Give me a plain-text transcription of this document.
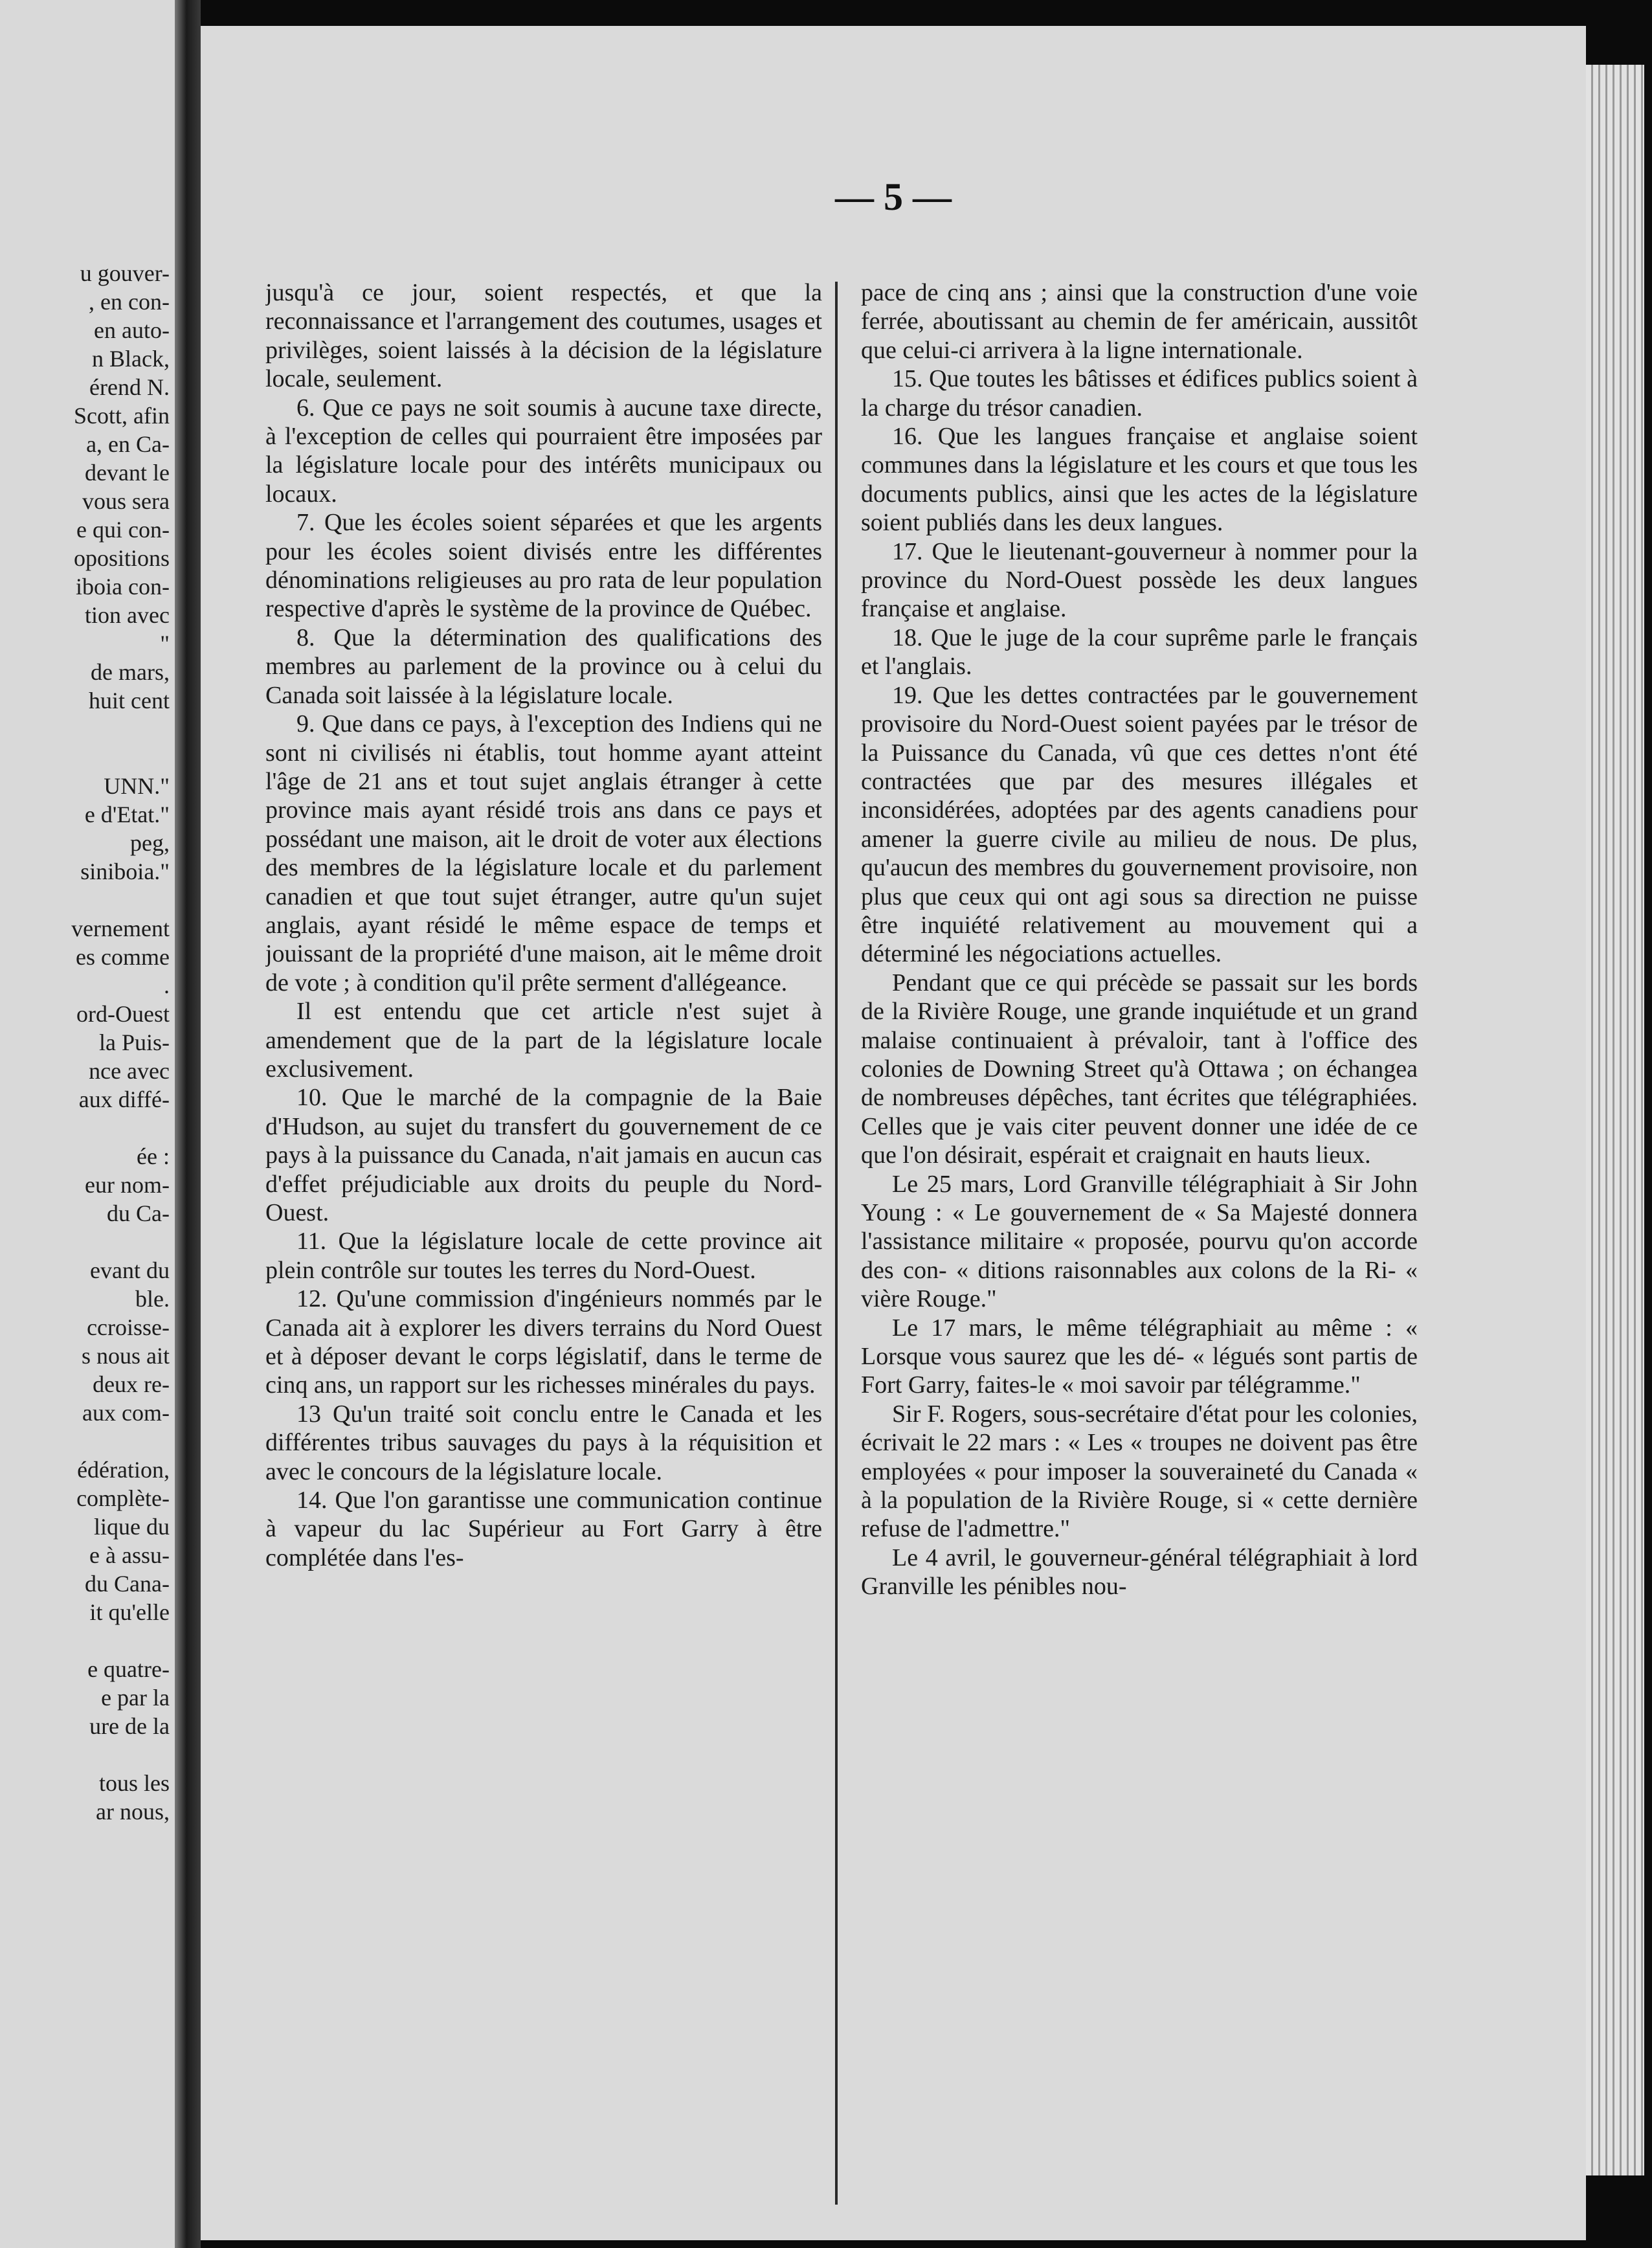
u gouver-
, en con-
en auto-
n Black,
érend N.
Scott, afin
a, en Ca-
devant le
vous sera
e qui con-
opositions
iboia con-
tion avec
"
de mars,
huit cent

UNN."
e d'Etat."
peg,
siniboia."

vernement
es comme
.
ord-Ouest
la Puis-
nce avec
aux diffé-

ée :
eur nom-
du Ca-

evant du
ble.
ccroisse-
s nous ait
deux re-
aux com-

édération,
complète-
lique du
e à assu-
du Cana-
it qu'elle

e quatre-
e par la
ure de la

tous les
ar nous,
— 5 —

jusqu'à ce jour, soient respectés, et que la reconnaissance et l'arrangement des coutumes, usages et privilèges, soient laissés à la décision de la législature locale, seulement.

6. Que ce pays ne soit soumis à aucune taxe directe, à l'exception de celles qui pourraient être imposées par la législature locale pour des intérêts municipaux ou locaux.

7. Que les écoles soient séparées et que les argents pour les écoles soient divisés entre les différentes dénominations religieuses au pro rata de leur population respective d'après le système de la province de Québec.

8. Que la détermination des qualifications des membres au parlement de la province ou à celui du Canada soit laissée à la législature locale.

9. Que dans ce pays, à l'exception des Indiens qui ne sont ni civilisés ni établis, tout homme ayant atteint l'âge de 21 ans et tout sujet anglais étranger à cette province mais ayant résidé trois ans dans ce pays et possédant une maison, ait le droit de voter aux élections des membres de la législature locale et du parlement canadien et que tout sujet étranger, autre qu'un sujet anglais, ayant résidé le même espace de temps et jouissant de la propriété d'une maison, ait le même droit de vote ; à condition qu'il prête serment d'allégeance.

Il est entendu que cet article n'est sujet à amendement que de la part de la législature locale exclusivement.

10. Que le marché de la compagnie de la Baie d'Hudson, au sujet du transfert du gouvernement de ce pays à la puissance du Canada, n'ait jamais en aucun cas d'effet préjudiciable aux droits du peuple du Nord-Ouest.

11. Que la législature locale de cette province ait plein contrôle sur toutes les terres du Nord-Ouest.

12. Qu'une commission d'ingénieurs nommés par le Canada ait à explorer les divers terrains du Nord Ouest et à déposer devant le corps législatif, dans le terme de cinq ans, un rapport sur les richesses minérales du pays.

13 Qu'un traité soit conclu entre le Canada et les différentes tribus sauvages du pays à la réquisition et avec le concours de la législature locale.

14. Que l'on garantisse une communication continue à vapeur du lac Supérieur au Fort Garry à être complétée dans l'es-

pace de cinq ans ; ainsi que la construction d'une voie ferrée, aboutissant au chemin de fer américain, aussitôt que celui-ci arrivera à la ligne internationale.

15. Que toutes les bâtisses et édifices publics soient à la charge du trésor canadien.

16. Que les langues française et anglaise soient communes dans la législature et les cours et que tous les documents publics, ainsi que les actes de la législature soient publiés dans les deux langues.

17. Que le lieutenant-gouverneur à nommer pour la province du Nord-Ouest possède les deux langues française et anglaise.

18. Que le juge de la cour suprême parle le français et l'anglais.

19. Que les dettes contractées par le gouvernement provisoire du Nord-Ouest soient payées par le trésor de la Puissance du Canada, vû que ces dettes n'ont été contractées que par des mesures illégales et inconsidérées, adoptées par des agents canadiens pour amener la guerre civile au milieu de nous. De plus, qu'aucun des membres du gouvernement provisoire, non plus que ceux qui ont agi sous sa direction ne puisse être inquiété relativement au mouvement qui a déterminé les négociations actuelles.

Pendant que ce qui précède se passait sur les bords de la Rivière Rouge, une grande inquiétude et un grand malaise continuaient à prévaloir, tant à l'office des colonies de Downing Street qu'à Ottawa ; on échangea de nombreuses dépêches, tant écrites que télégraphiées. Celles que je vais citer peuvent donner une idée de ce que l'on désirait, espérait et craignait en hauts lieux.

Le 25 mars, Lord Granville télégraphiait à Sir John Young : « Le gouvernement de « Sa Majesté donnera l'assistance militaire « proposée, pourvu qu'on accorde des con- « ditions raisonnables aux colons de la Ri- « vière Rouge."

Le 17 mars, le même télégraphiait au même : « Lorsque vous saurez que les dé- « légués sont partis de Fort Garry, faites-le « moi savoir par télégramme."

Sir F. Rogers, sous-secrétaire d'état pour les colonies, écrivait le 22 mars : « Les « troupes ne doivent pas être employées « pour imposer la souveraineté du Canada « à la population de la Rivière Rouge, si « cette dernière refuse de l'admettre."

Le 4 avril, le gouverneur-général télégraphiait à lord Granville les pénibles nou-
